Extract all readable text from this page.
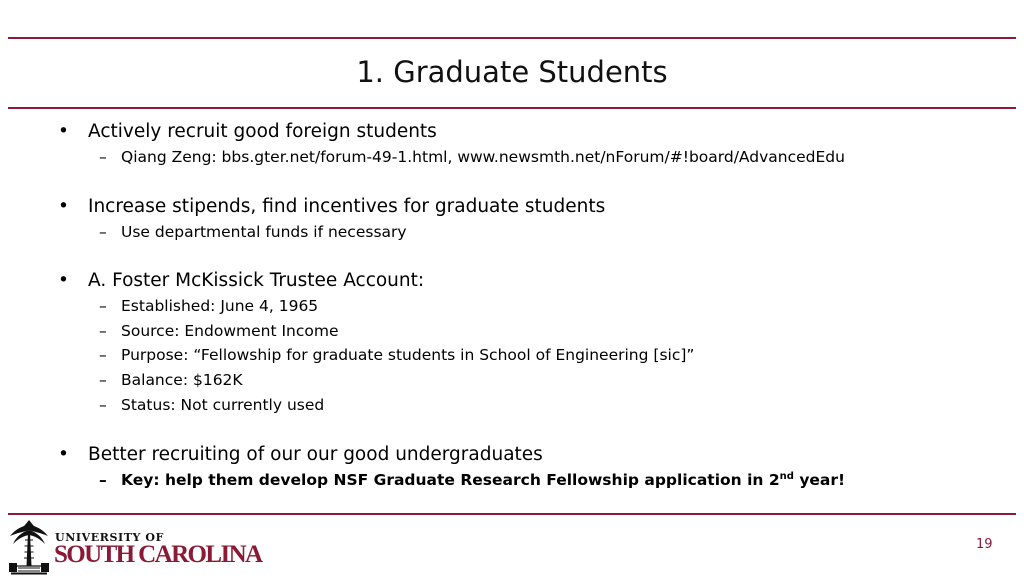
1. Graduate Students

• Actively recruit good foreign students

– Qiang Zeng: bbs.gter.net/forum-49-1.html, www.newsmth.net/nForum/#!board/AdvancedEdu

• Increase stipends, find incentives for graduate students

– Use departmental funds if necessary

• A. Foster McKissick Trustee Account:

– Established: June 4, 1965
– Source: Endowment Income
– Purpose: “Fellowship for graduate students in School of Engineering [sic]”
– Balance: $162K
– Status: Not currently used

• Better recruiting of our our good undergraduates

– Key: help them develop NSF Graduate Research Fellowship application in 2nd year!
UNIVERSITY OF
SOUTH CAROLINA	19
